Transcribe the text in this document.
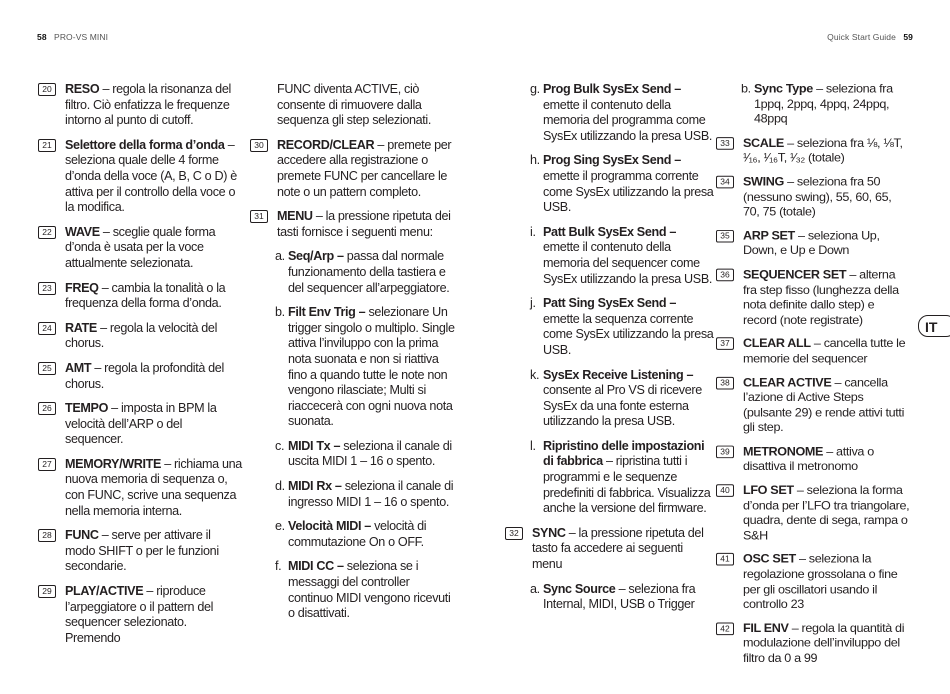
58 PRO-VS MINI	Quick Start Guide 59
20	RESO – regola la risonanza del filtro. Ciò enfatizza le frequenze intorno al punto di cutoff.
21	Selettore della forma d’onda – seleziona quale delle 4 forme d’onda della voce (A, B, C o D) è attiva per il controllo della voce o la modifica.
22	WAVE – sceglie quale forma d’onda è usata per la voce attualmente selezionata.
23	FREQ – cambia la tonalità o la frequenza della forma d’onda.
24	RATE – regola la velocità del chorus.
25	AMT – regola la profondità del chorus.
26	TEMPO – imposta in BPM la velocità dell’ARP o del sequencer.
27	MEMORY/WRITE – richiama una nuova memoria di sequenza o, con FUNC, scrive una sequenza nella memoria interna.
28	FUNC – serve per attivare il modo SHIFT o per le funzioni secondarie.
29	PLAY/ACTIVE – riproduce l’arpeggiatore o il pattern del sequencer selezionato. Premendo
FUNC diventa ACTIVE, ciò consente di rimuovere dalla sequenza gli step selezionati.
30	RECORD/CLEAR – premete per accedere alla registrazione o premete FUNC per cancellare le note o un pattern completo.
31	MENU – la pressione ripetuta dei tasti fornisce i seguenti menu:
a. Seq/Arp – passa dal normale funzionamento della tastiera e del sequencer all’arpeggiatore.
b. Filt Env Trig – selezionare Un trigger singolo o multiplo. Single attiva l’inviluppo con la prima nota suonata e non si riattiva fino a quando tutte le note non vengono rilasciate; Multi si riaccecerà con ogni nuova nota suonata.
c. MIDI Tx – seleziona il canale di uscita MIDI 1 – 16 o spento.
d. MIDI Rx – seleziona il canale di ingresso MIDI 1 – 16 o spento.
e. Velocità MIDI – velocità di commutazione On o OFF.
f. MIDI CC – seleziona se i messaggi del controller continuo MIDI vengono ricevuti o disattivati.
g. Prog Bulk SysEx Send – emette il contenuto della memoria del programma come SysEx utilizzando la presa USB.
h. Prog Sing SysEx Send – emette il programma corrente come SysEx utilizzando la presa USB.
i. Patt Bulk SysEx Send – emette il contenuto della memoria del sequencer come SysEx utilizzando la presa USB.
j. Patt Sing SysEx Send – emette la sequenza corrente come SysEx utilizzando la presa USB.
k. SysEx Receive Listening – consente al Pro VS di ricevere SysEx da una fonte esterna utilizzando la presa USB.
l. Ripristino delle impostazioni di fabbrica – ripristina tutti i programmi e le sequenze predefiniti di fabbrica. Visualizza anche la versione del firmware.
32	SYNC – la pressione ripetuta del tasto fa accedere ai seguenti menu
a. Sync Source – seleziona fra Internal, MIDI, USB o Trigger
b. Sync Type – seleziona fra 1ppq, 2ppq, 4ppq, 24ppq, 48ppq
33	SCALE – seleziona fra ⅛, ⅛T, ¹⁄₁₆, ¹⁄₁₆T, ¹⁄₃₂ (totale)
34	SWING – seleziona fra 50 (nessuno swing), 55, 60, 65, 70, 75 (totale)
35	ARP SET – seleziona Up, Down, e Up e Down
36	SEQUENCER SET – alterna fra step fisso (lunghezza della nota definite dallo step) e record (note registrate)
37	CLEAR ALL – cancella tutte le memorie del sequencer
38	CLEAR ACTIVE – cancella l’azione di Active Steps (pulsante 29) e rende attivi tutti gli step.
39	METRONOME – attiva o disattiva il metronomo
40	LFO SET – seleziona la forma d’onda per l’LFO tra triangolare, quadra, dente di sega, rampa o S&H
41	OSC SET – seleziona la regolazione grossolana o fine per gli oscillatori usando il controllo 23
42	FIL ENV – regola la quantità di modulazione dell’inviluppo del filtro da 0 a 99
IT
